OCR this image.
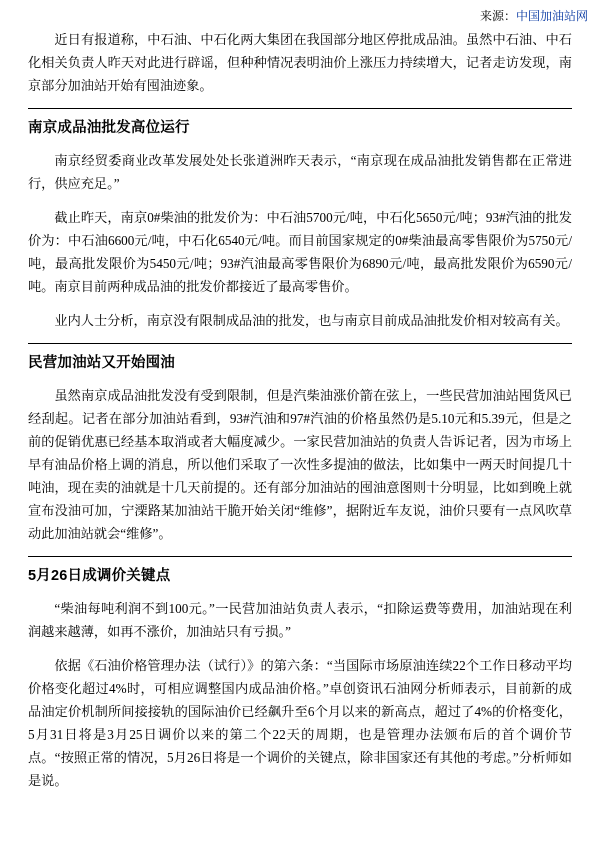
来源：中国加油站网

近日有报道称，中石油、中石化两大集团在我国部分地区停批成品油。虽然中石油、中石化相关负责人昨天对此进行辟谣，但种种情况表明油价上涨压力持续增大，记者走访发现，南京部分加油站开始有囤油迹象。

南京成品油批发高位运行

南京经贸委商业改革发展处处长张道洲昨天表示，“南京现在成品油批发销售都在正常进行，供应充足。”

截止昨天，南京0#柴油的批发价为：中石油5700元/吨，中石化5650元/吨；93#汽油的批发价为：中石油6600元/吨，中石化6540元/吨。而目前国家规定的0#柴油最高零售限价为5750元/吨，最高批发限价为5450元/吨；93#汽油最高零售限价为6890元/吨，最高批发限价为6590元/吨。南京目前两种成品油的批发价都接近了最高零售价。

业内人士分析，南京没有限制成品油的批发，也与南京目前成品油批发价相对较高有关。

民营加油站又开始囤油

虽然南京成品油批发没有受到限制，但是汽柴油涨价箭在弦上，一些民营加油站囤货风已经刮起。记者在部分加油站看到，93#汽油和97#汽油的价格虽然仍是5.10元和5.39元，但是之前的促销优惠已经基本取消或者大幅度减少。一家民营加油站的负责人告诉记者，因为市场上早有油品价格上调的消息，所以他们采取了一次性多提油的做法，比如集中一两天时间提几十吨油，现在卖的油就是十几天前提的。还有部分加油站的囤油意图则十分明显，比如到晚上就宣布没油可加，宁溧路某加油站干脆开始关闭“维修”，据附近车友说，油价只要有一点风吹草动此加油站就会“维修”。

5月26日成调价关键点

“柴油每吨利润不到100元。”一民营加油站负责人表示，“扣除运费等费用，加油站现在利润越来越薄，如再不涨价，加油站只有亏损。”

依据《石油价格管理办法（试行）》的第六条：“当国际市场原油连续22个工作日移动平均价格变化超过4%时，可相应调整国内成品油价格。”卓创资讯石油网分析师表示，目前新的成品油定价机制所间接接轨的国际油价已经飙升至6个月以来的新高点，超过了4%的价格变化，5月31日将是3月25日调价以来的第二个22天的周期，也是管理办法颁布后的首个调价节点。“按照正常的情况，5月26日将是一个调价的关键点，除非国家还有其他的考虑。”分析师如是说。
